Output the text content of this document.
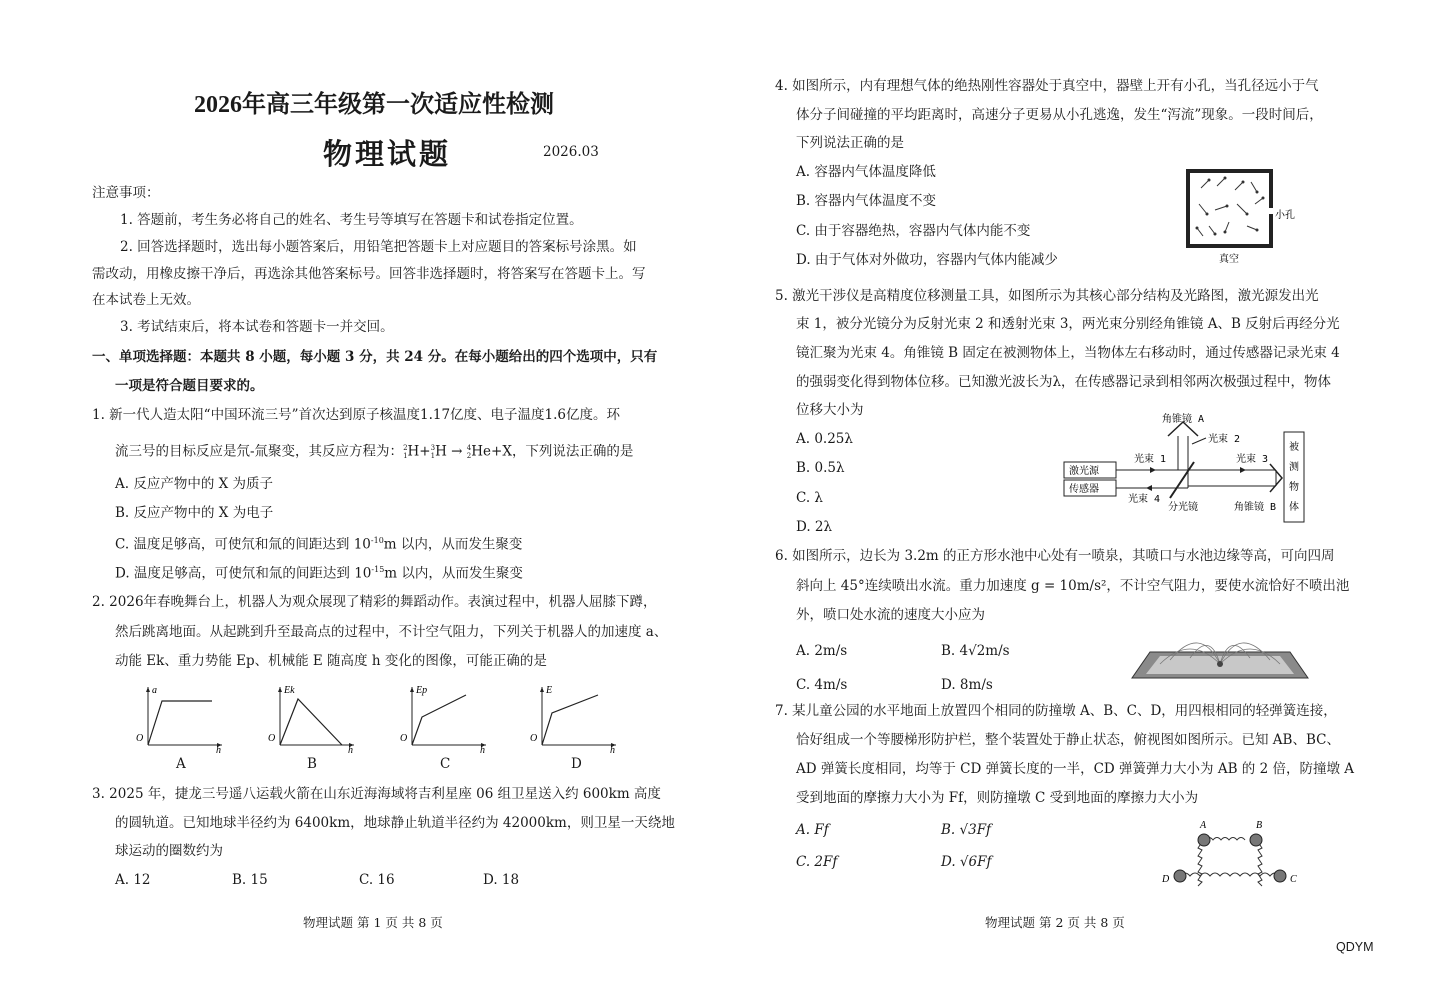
2026年高三年级第一次适应性检测
物理试题	2026.03
注意事项：
1. 答题前，考生务必将自己的姓名、考生号等填写在答题卡和试卷指定位置。
2. 回答选择题时，选出每小题答案后，用铅笔把答题卡上对应题目的答案标号涂黑。如
需改动，用橡皮擦干净后，再选涂其他答案标号。回答非选择题时，将答案写在答题卡上。写
在本试卷上无效。
3. 考试结束后，将本试卷和答题卡一并交回。
一、单项选择题：本题共 8 小题，每小题 3 分，共 24 分。在每小题给出的四个选项中，只有
一项是符合题目要求的。
1. 新一代人造太阳“中国环流三号”首次达到原子核温度1.17亿度、电子温度1.6亿度。环
流三号的目标反应是氘-氚聚变，其反应方程为：2
1H+3
1H → 4
2He+X，下列说法正确的是
A. 反应产物中的 X 为质子
B. 反应产物中的 X 为电子
C. 温度足够高，可使氘和氚的间距达到 $10^{-10}m$ 以内，从而发生聚变
D. 温度足够高，可使氘和氚的间距达到 $10^{-15}m$ 以内，从而发生聚变
2. 2026年春晚舞台上，机器人为观众展现了精彩的舞蹈动作。表演过程中，机器人屈膝下蹲，
然后跳离地面。从起跳到升至最高点的过程中，不计空气阻力，下列关于机器人的加速度 a、
动能 Ek、重力势能 Ep、机械能 E 随高度 h 变化的图像，可能正确的是
a
O
h
A
Ek
O
h
B
Ep
O
h
C
E
O
h
D
3. 2025 年，捷龙三号遥八运载火箭在山东近海海域将吉利星座 06 组卫星送入约 600km 高度
的圆轨道。已知地球半径约为 6400km，地球静止轨道半径约为 42000km，则卫星一天绕地
球运动的圈数约为
A. 12	B. 15	C. 16	D. 18
物理试题 第 1 页 共 8 页
4. 如图所示，内有理想气体的绝热刚性容器处于真空中，器壁上开有小孔，当孔径远小于气
体分子间碰撞的平均距离时，高速分子更易从小孔逃逸，发生“泻流”现象。一段时间后，
下列说法正确的是
A. 容器内气体温度降低
B. 容器内气体温度不变
C. 由于容器绝热，容器内气体内能不变
D. 由于气体对外做功，容器内气体内能减少
小孔
真空
5. 激光干涉仪是高精度位移测量工具，如图所示为其核心部分结构及光路图，激光源发出光
束 1，被分光镜分为反射光束 2 和透射光束 3，两光束分别经角锥镜 A、B 反射后再经分光
镜汇聚为光束 4。角锥镜 B 固定在被测物体上，当物体左右移动时，通过传感器记录光束 4
的强弱变化得到物体位移。已知激光波长为λ，在传感器记录到相邻两次极强过程中，物体
位移大小为
A. 0.25λ
B. 0.5λ
C. λ
D. 2λ
激光源
传感器
光束 1
分光镜
角锥镜 A
光束 2
光束 3
角锥镜 B
光束 4
被
测
物
体
6. 如图所示，边长为 3.2m 的正方形水池中心处有一喷泉，其喷口与水池边缘等高，可向四周
斜向上 45°连续喷出水流。重力加速度 g = 10m/s²，不计空气阻力，要使水流恰好不喷出池
外，喷口处水流的速度大小应为
A. 2m/s	B. 4√2m/s
C. 4m/s	D. 8m/s
7. 某儿童公园的水平地面上放置四个相同的防撞墩 A、B、C、D，用四根相同的轻弹簧连接，
恰好组成一个等腰梯形防护栏，整个装置处于静止状态，俯视图如图所示。已知 AB、BC、
AD 弹簧长度相同，均等于 CD 弹簧长度的一半，CD 弹簧弹力大小为 AB 的 2 倍，防撞墩 A
受到地面的摩擦力大小为 Ff，则防撞墩 C 受到地面的摩擦力大小为
A. Ff	B. √3Ff
C. 2Ff	D. √6Ff
A	B
C
D
物理试题 第 2 页 共 8 页
QDYM
